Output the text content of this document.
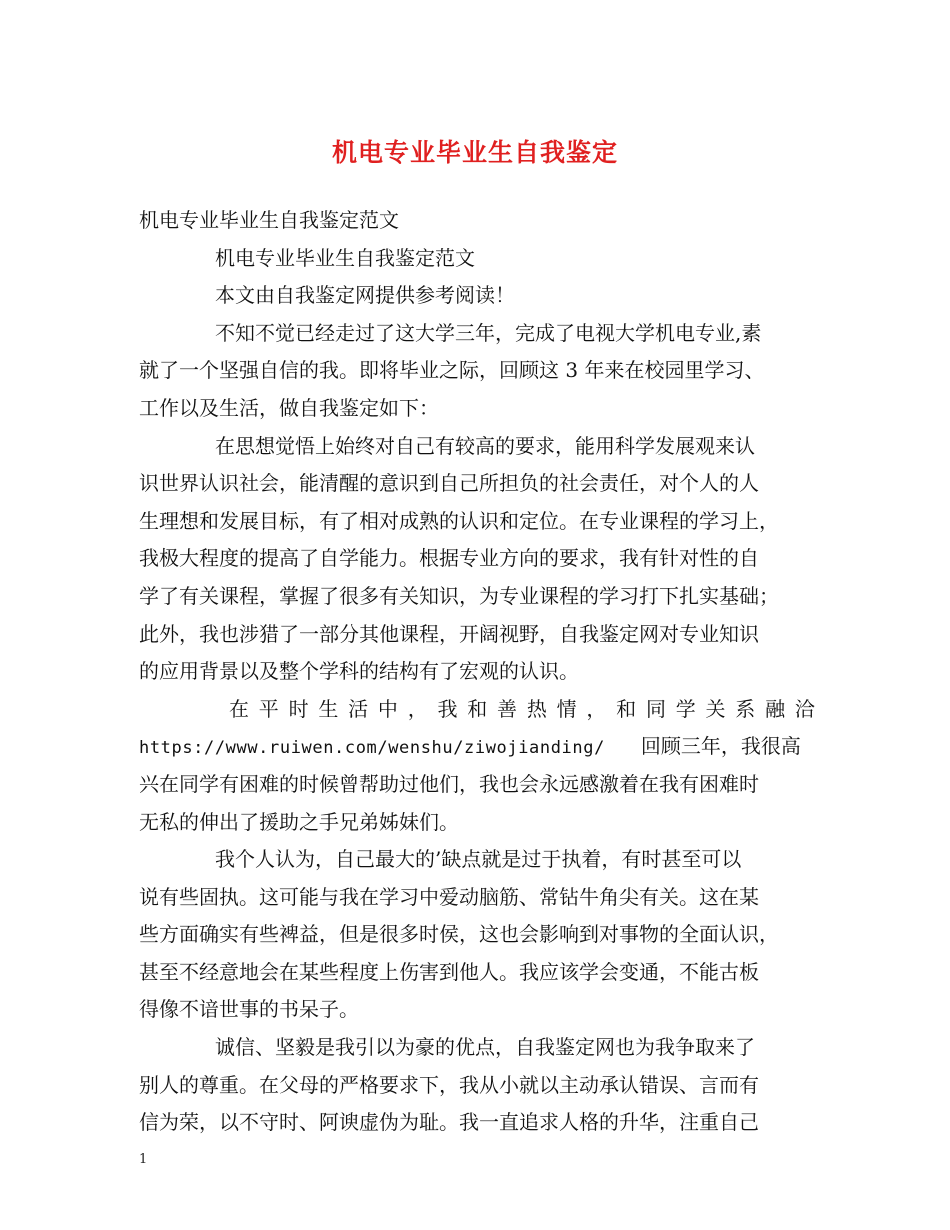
机电专业毕业生自我鉴定
机电专业毕业生自我鉴定范文
机电专业毕业生自我鉴定范文
本文由自我鉴定网提供参考阅读！
不知不觉已经走过了这大学三年，完成了电视大学机电专业,素
就了一个坚强自信的我。即将毕业之际，回顾这 3 年来在校园里学习、
工作以及生活，做自我鉴定如下：
在思想觉悟上始终对自己有较高的要求，能用科学发展观来认
识世界认识社会，能清醒的意识到自己所担负的社会责任，对个人的人
生理想和发展目标，有了相对成熟的认识和定位。在专业课程的学习上，
我极大程度的提高了自学能力。根据专业方向的要求，我有针对性的自
学了有关课程，掌握了很多有关知识，为专业课程的学习打下扎实基础；
此外，我也涉猎了一部分其他课程，开阔视野，自我鉴定网对专业知识
的应用背景以及整个学科的结构有了宏观的认识。
在 平 时 生 活 中 ， 我 和 善 热 情 ， 和 同 学 关 系 融 洽
https://www.ruiwen.com/wenshu/ziwojianding/ 回顾三年，我很高
兴在同学有困难的时候曾帮助过他们，我也会永远感激着在我有困难时
无私的伸出了援助之手兄弟姊妹们。
我个人认为，自己最大的’缺点就是过于执着，有时甚至可以
说有些固执。这可能与我在学习中爱动脑筋、常钻牛角尖有关。这在某
些方面确实有些裨益，但是很多时侯，这也会影响到对事物的全面认识，
甚至不经意地会在某些程度上伤害到他人。我应该学会变通，不能古板
得像不谙世事的书呆子。
诚信、坚毅是我引以为豪的优点，自我鉴定网也为我争取来了
别人的尊重。在父母的严格要求下，我从小就以主动承认错误、言而有
信为荣，以不守时、阿谀虚伪为耻。我一直追求人格的升华，注重自己
1
